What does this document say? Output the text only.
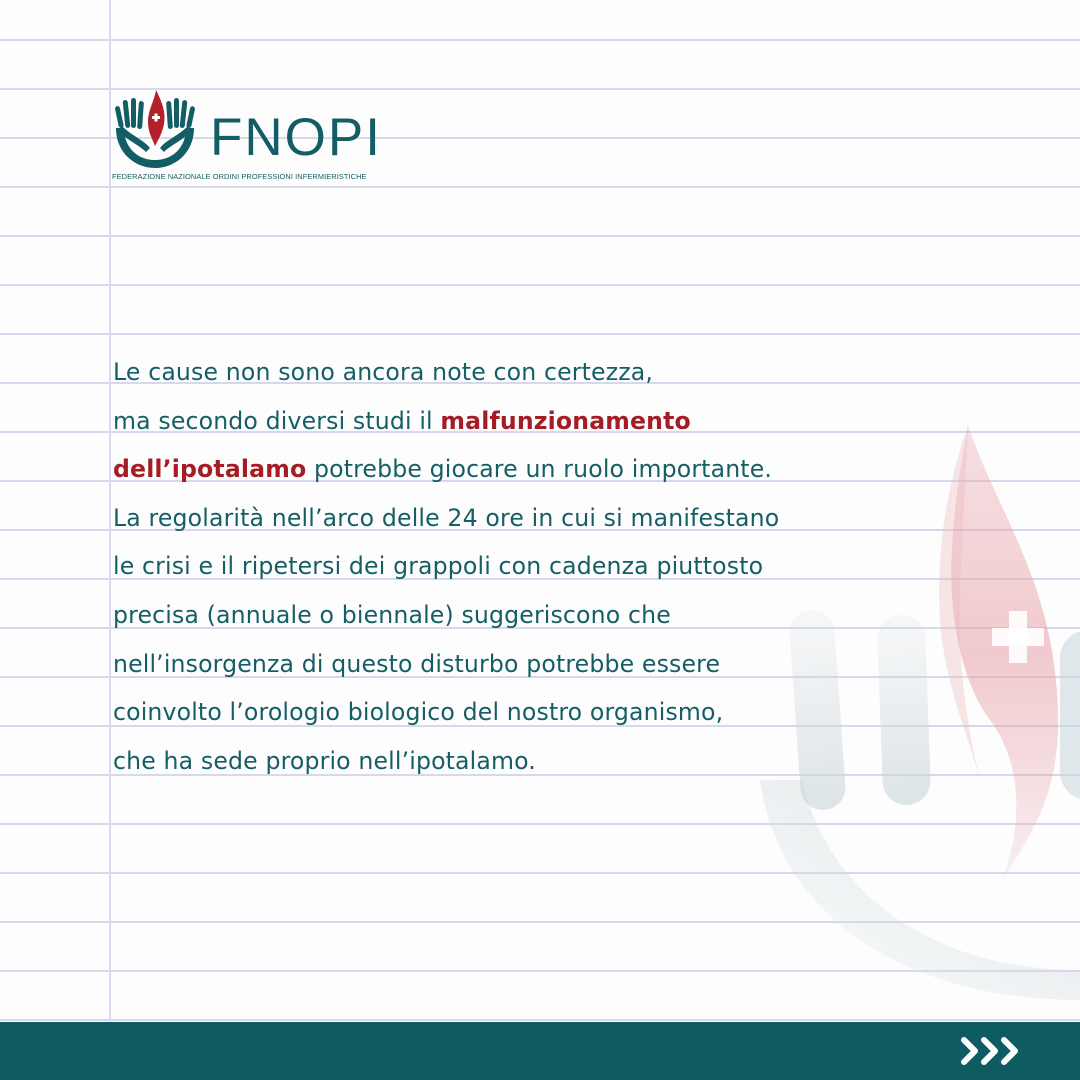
FNOPI
FEDERAZIONE NAZIONALE ORDINI PROFESSIONI INFERMIERISTICHE

Le cause non sono ancora note con certezza,
ma secondo diversi studi il malfunzionamento
dell’ipotalamo potrebbe giocare un ruolo importante.
La regolarità nell’arco delle 24 ore in cui si manifestano
le crisi e il ripetersi dei grappoli con cadenza piuttosto
precisa (annuale o biennale) suggeriscono che
nell’insorgenza di questo disturbo potrebbe essere
coinvolto l’orologio biologico del nostro organismo,
che ha sede proprio nell’ipotalamo.
